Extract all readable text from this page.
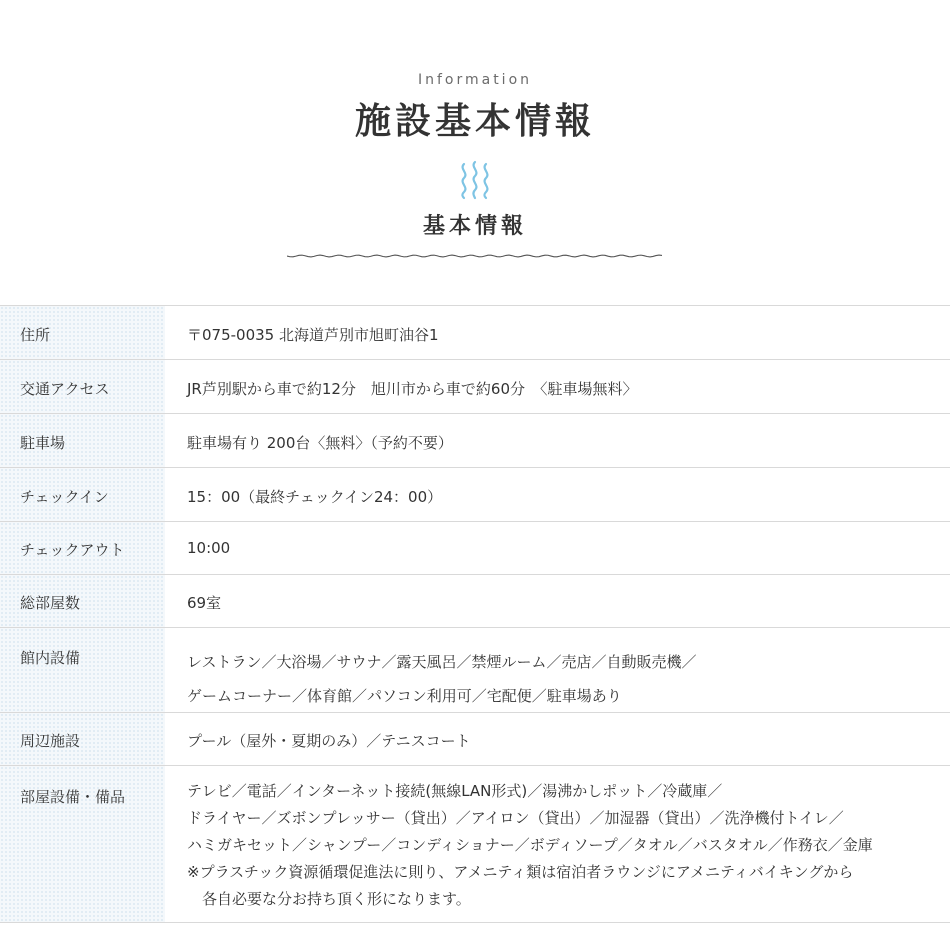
Information
施設基本情報
基本情報
住所	〒075-0035 北海道芦別市旭町油谷1
交通アクセス	JR芦別駅から車で約12分　旭川市から車で約60分　〈駐車場無料〉
駐車場	駐車場有り 200台〈無料〉（予約不要）
チェックイン	15：00（最終チェックイン24：00）
チェックアウト	10:00
総部屋数	69室
館内設備	レストラン／大浴場／サウナ／露天風呂／禁煙ルーム／売店／自動販売機／
ゲームコーナー／体育館／パソコン利用可／宅配便／駐車場あり
周辺施設	プール（屋外・夏期のみ）／テニスコート
部屋設備・備品	テレビ／電話／インターネット接続(無線LAN形式)／湯沸かしポット／冷蔵庫／
ドライヤー／ズボンプレッサー（貸出）／アイロン（貸出）／加湿器（貸出）／洗浄機付トイレ／
ハミガキセット／シャンプー／コンディショナー／ボディソープ／タオル／バスタオル／作務衣／金庫
※プラスチック資源循環促進法に則り、アメニティ類は宿泊者ラウンジにアメニティバイキングから
各自必要な分お持ち頂く形になります。
